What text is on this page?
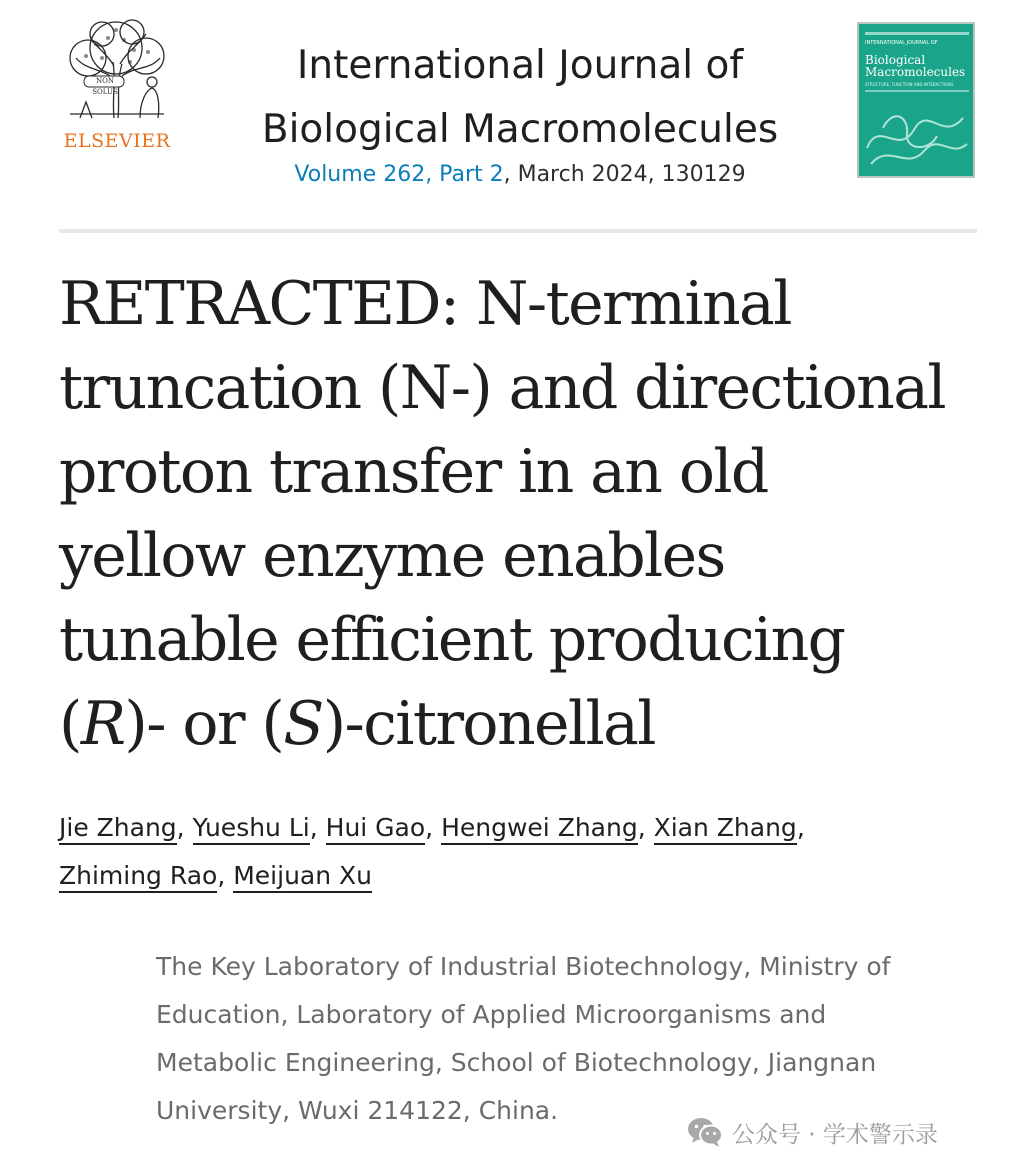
NON SOLUS
ELSEVIER
International Journal of
Biological Macromolecules
Volume 262, Part 2, March 2024, 130129
INTERNATIONAL JOURNAL OF
Biological Macromolecules
STRUCTURE, FUNCTION AND INTERACTIONS
RETRACTED: N-terminal
truncation (N-) and directional
proton transfer in an old
yellow enzyme enables
tunable efficient producing
(R)- or (S)-citronellal
Jie Zhang, Yueshu Li, Hui Gao, Hengwei Zhang, Xian Zhang,
Zhiming Rao, Meijuan Xu
The Key Laboratory of Industrial Biotechnology, Ministry of
Education, Laboratory of Applied Microorganisms and
Metabolic Engineering, School of Biotechnology, Jiangnan
University, Wuxi 214122, China.
公众号 · 学术警示录
